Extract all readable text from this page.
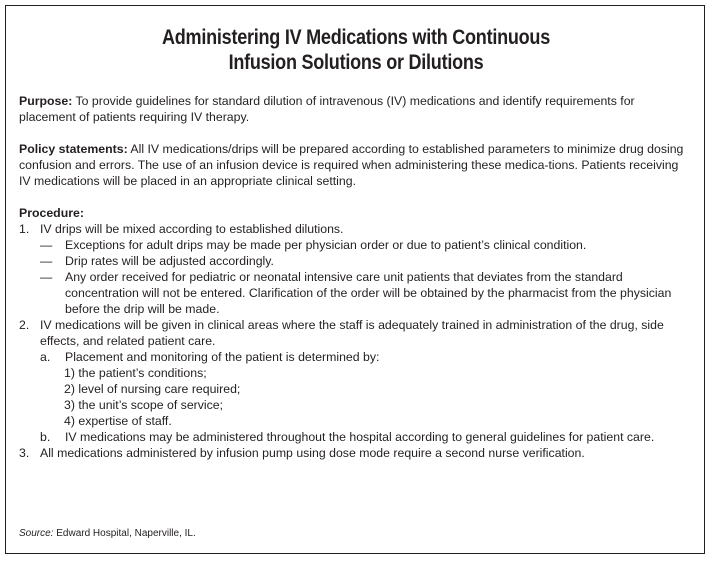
Administering IV Medications with Continuous
Infusion Solutions or Dilutions

Purpose: To provide guidelines for standard dilution of intravenous (IV) medications and identify requirements for placement of patients requiring IV therapy.

Policy statements: All IV medications/drips will be prepared according to established parameters to minimize drug dosing confusion and errors. The use of an infusion device is required when administering these medica-tions. Patients receiving IV medications will be placed in an appropriate clinical setting.

Procedure:

1. IV drips will be mixed according to established dilutions.
—	Exceptions for adult drips may be made per physician order or due to patient’s clinical condition.
—	Drip rates will be adjusted accordingly.
—	Any order received for pediatric or neonatal intensive care unit patients that deviates from the standard concentration will not be entered. Clarification of the order will be obtained by the pharmacist from the physician before the drip will be made.
2. IV medications will be given in clinical areas where the staff is adequately trained in administration of the drug, side effects, and related patient care.
a.	Placement and monitoring of the patient is determined by:
1) the patient’s conditions;
2) level of nursing care required;
3) the unit’s scope of service;
4) expertise of staff.
b.	IV medications may be administered throughout the hospital according to general guidelines for patient care.
3. All medications administered by infusion pump using dose mode require a second nurse verification.

Source: Edward Hospital, Naperville, IL.
